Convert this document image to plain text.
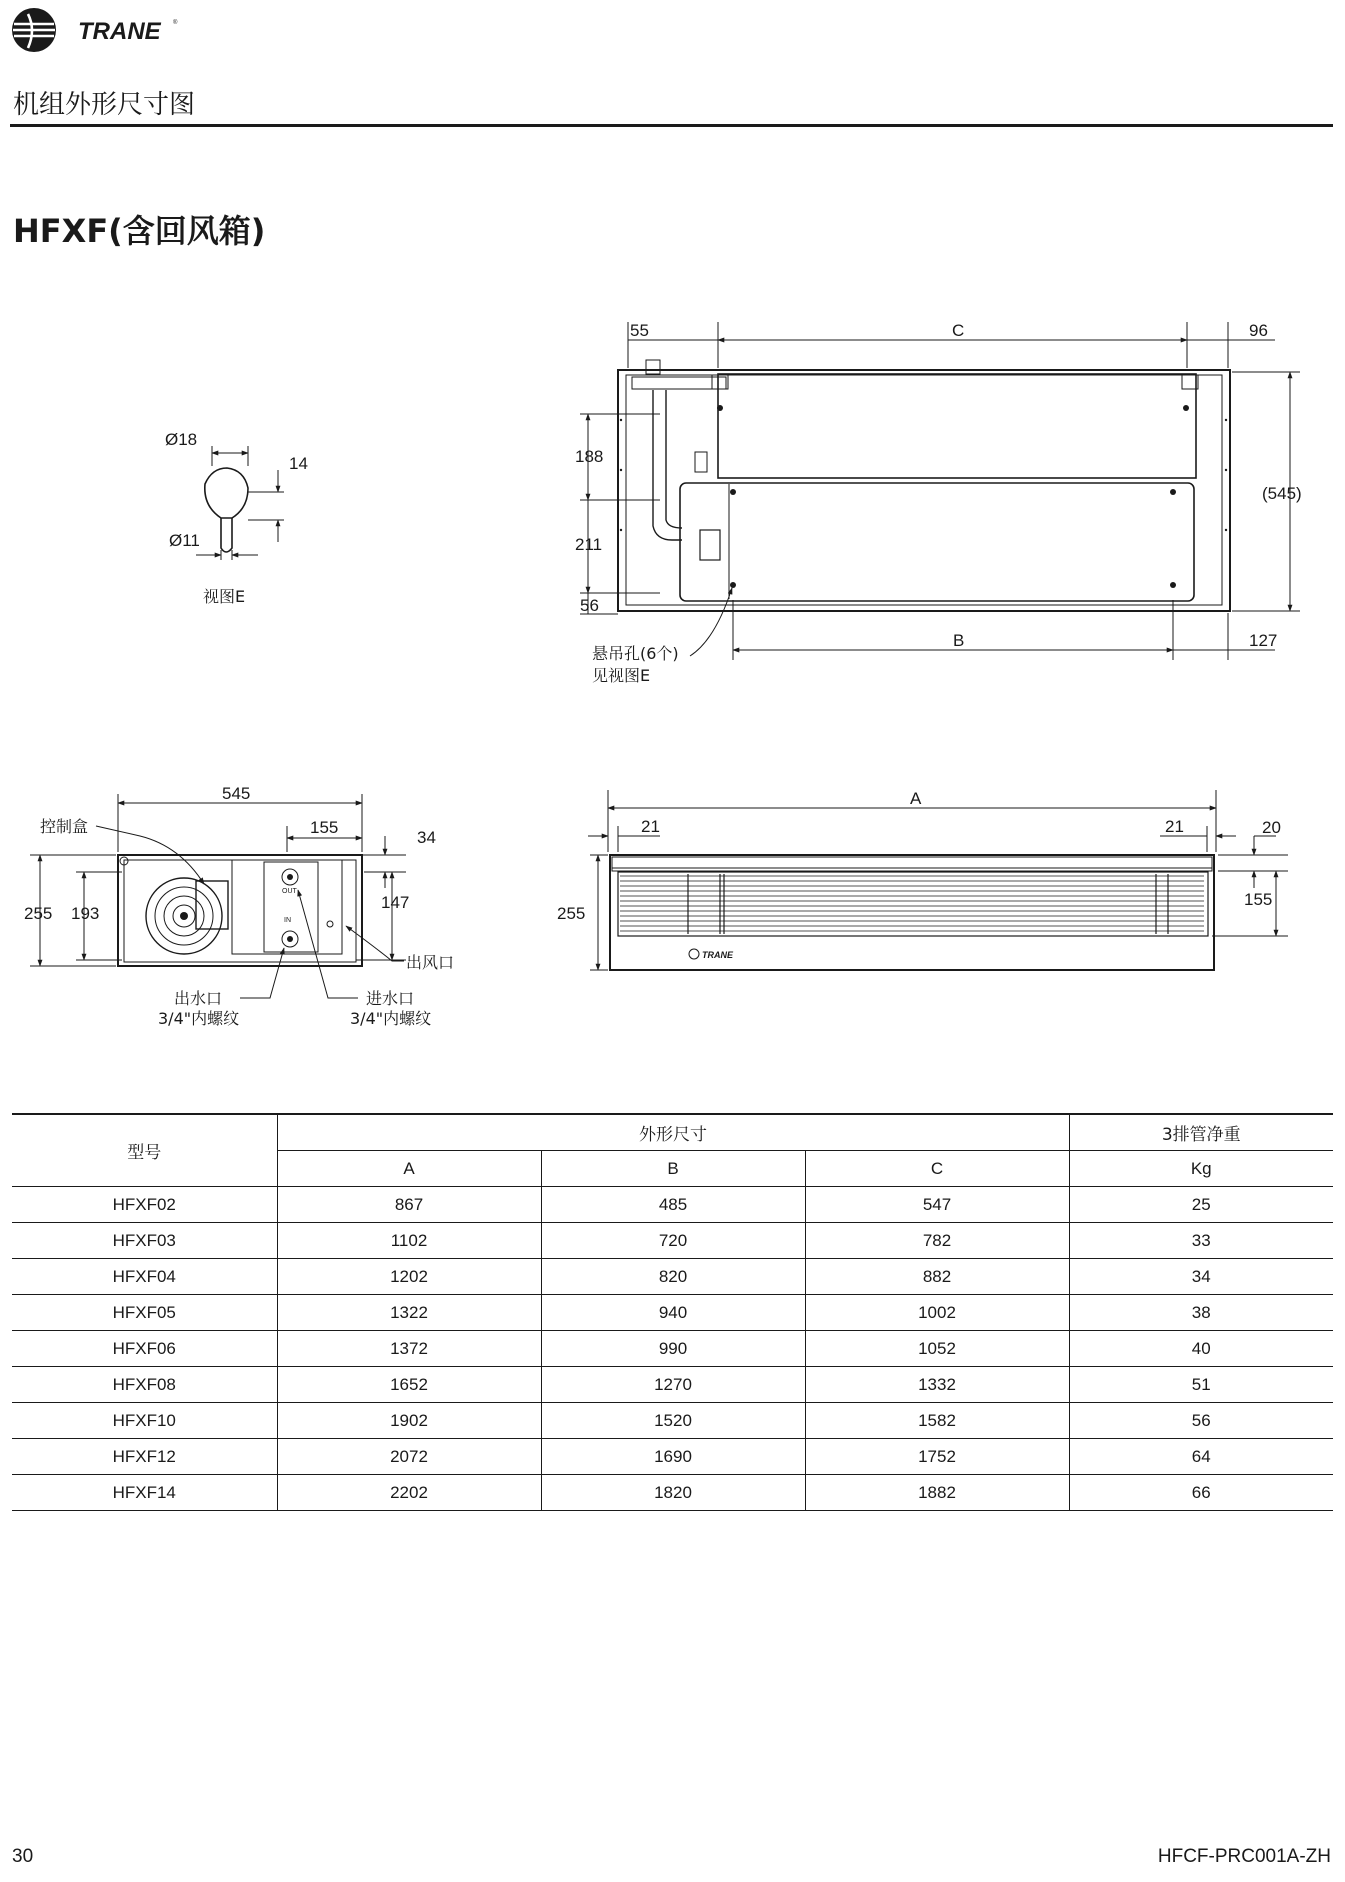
TRANE ®
机组外形尺寸图
HFXF(含回风箱)
Ø18
14
Ø11
视图E
55	C	96
188
211
56
(545)
B	127
悬吊孔(6个)
见视图E
OUT
IN
545
155
34
147
255 193
控制盒
出风口
出水口
3/4"内螺纹
进水口
3/4"内螺纹
TRANE
A
21	21	20
155
255
型号	外形尺寸			3排管净重
	A	B	C	Kg
HFXF02	867	485	547	25
HFXF03	1102	720	782	33
HFXF04	1202	820	882	34
HFXF05	1322	940	1002	38
HFXF06	1372	990	1052	40
HFXF08	1652	1270	1332	51
HFXF10	1902	1520	1582	56
HFXF12	2072	1690	1752	64
HFXF14	2202	1820	1882	66
30	HFCF-PRC001A-ZH
